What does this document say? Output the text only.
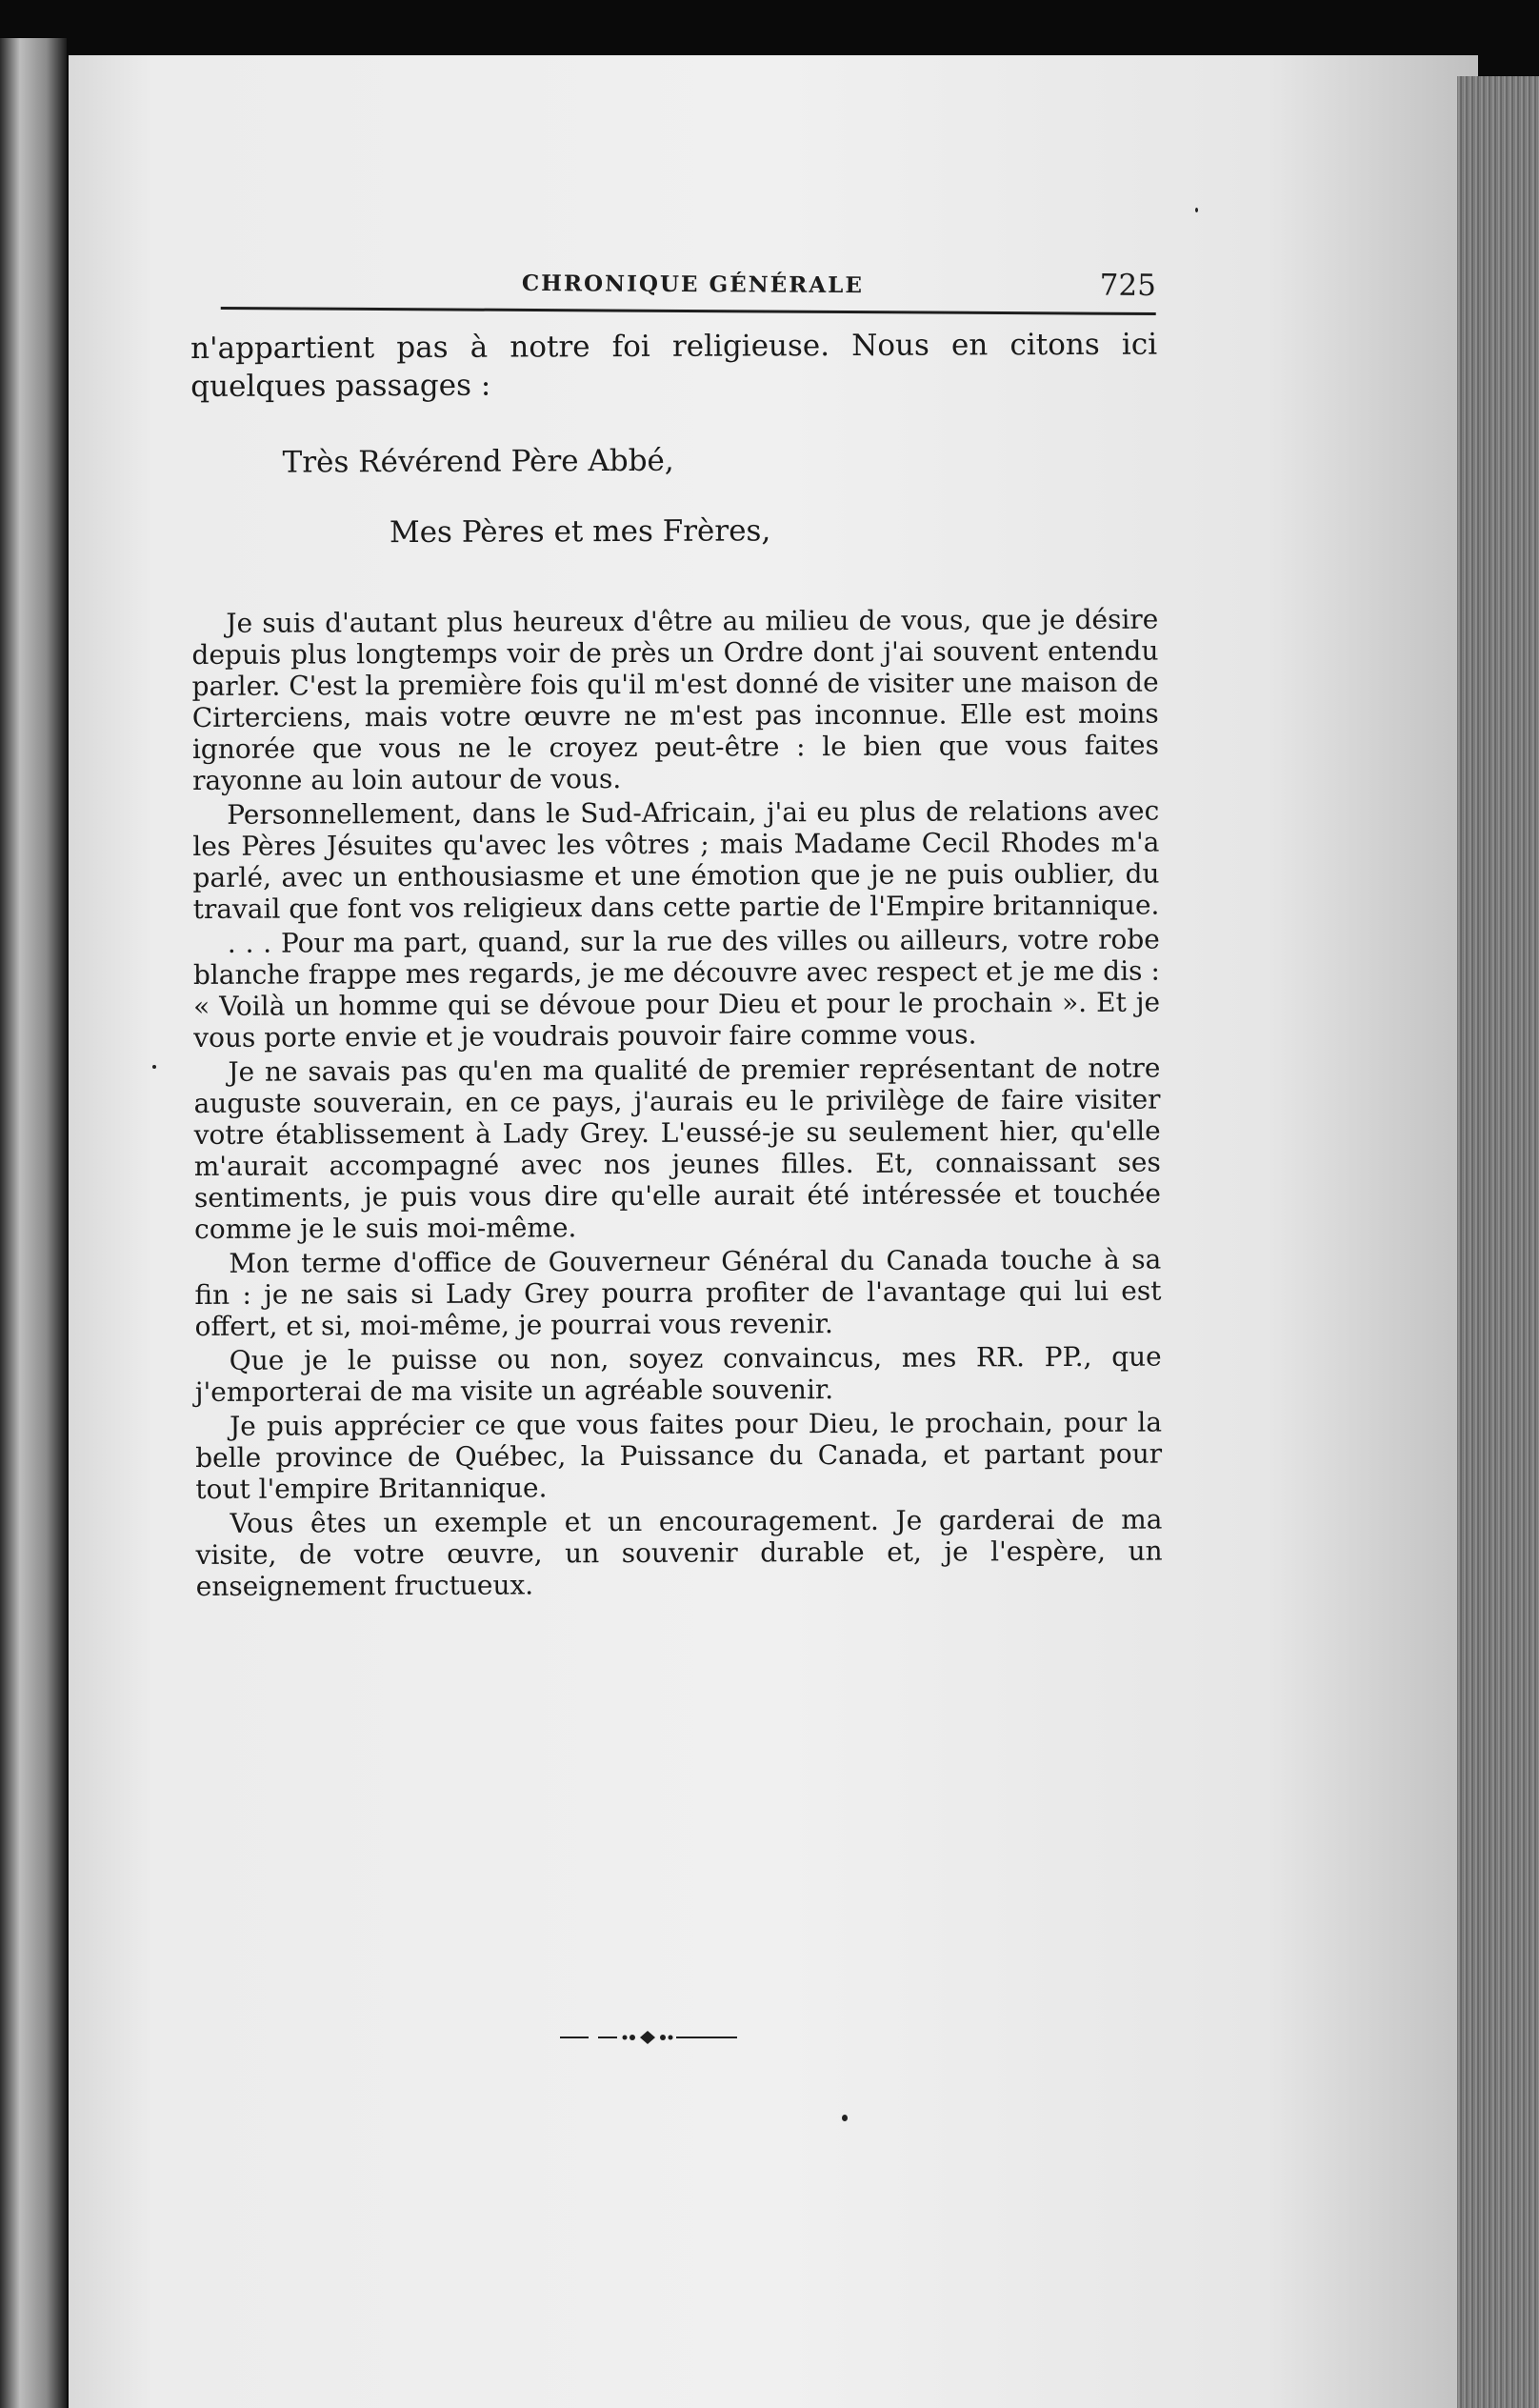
CHRONIQUE GÉNÉRALE	725

n'appartient pas à notre foi religieuse. Nous en citons ici quelques passages :

Très Révérend Père Abbé,
Mes Pères et mes Frères,

Je suis d'autant plus heureux d'être au milieu de vous, que je désire depuis plus longtemps voir de près un Ordre dont j'ai souvent entendu parler. C'est la première fois qu'il m'est donné de visiter une maison de Cirterciens, mais votre œuvre ne m'est pas inconnue. Elle est moins ignorée que vous ne le croyez peut-être : le bien que vous faites rayonne au loin autour de vous.

Personnellement, dans le Sud-Africain, j'ai eu plus de relations avec les Pères Jésuites qu'avec les vôtres ; mais Madame Cecil Rhodes m'a parlé, avec un enthousiasme et une émotion que je ne puis oublier, du travail que font vos religieux dans cette partie de l'Empire britannique.

. . . Pour ma part, quand, sur la rue des villes ou ailleurs, votre robe blanche frappe mes regards, je me découvre avec respect et je me dis : « Voilà un homme qui se dévoue pour Dieu et pour le prochain ». Et je vous porte envie et je voudrais pouvoir faire comme vous.

Je ne savais pas qu'en ma qualité de premier représentant de notre auguste souverain, en ce pays, j'aurais eu le privilège de faire visiter votre établissement à Lady Grey. L'eussé-je su seulement hier, qu'elle m'aurait accompagné avec nos jeunes filles. Et, connaissant ses sentiments, je puis vous dire qu'elle aurait été intéressée et touchée comme je le suis moi-même.

Mon terme d'office de Gouverneur Général du Canada touche à sa fin : je ne sais si Lady Grey pourra profiter de l'avantage qui lui est offert, et si, moi-même, je pourrai vous revenir.

Que je le puisse ou non, soyez convaincus, mes RR. PP., que j'emporterai de ma visite un agréable souvenir.

Je puis apprécier ce que vous faites pour Dieu, le prochain, pour la belle province de Québec, la Puissance du Canada, et partant pour tout l'empire Britannique.

Vous êtes un exemple et un encouragement. Je garderai de ma visite, de votre œuvre, un souvenir durable et, je l'espère, un enseignement fructueux.
